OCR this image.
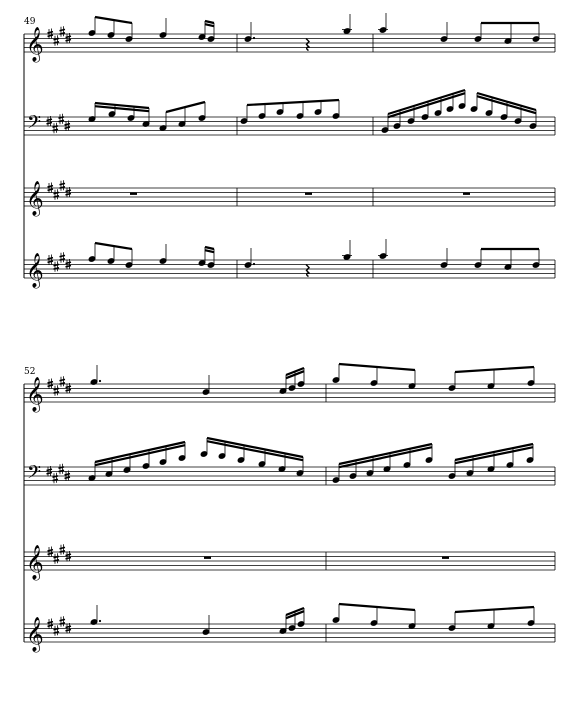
49
52
𝄞
𝄢
𝄞
𝄞
𝄞
𝄢
𝄞
𝄞
